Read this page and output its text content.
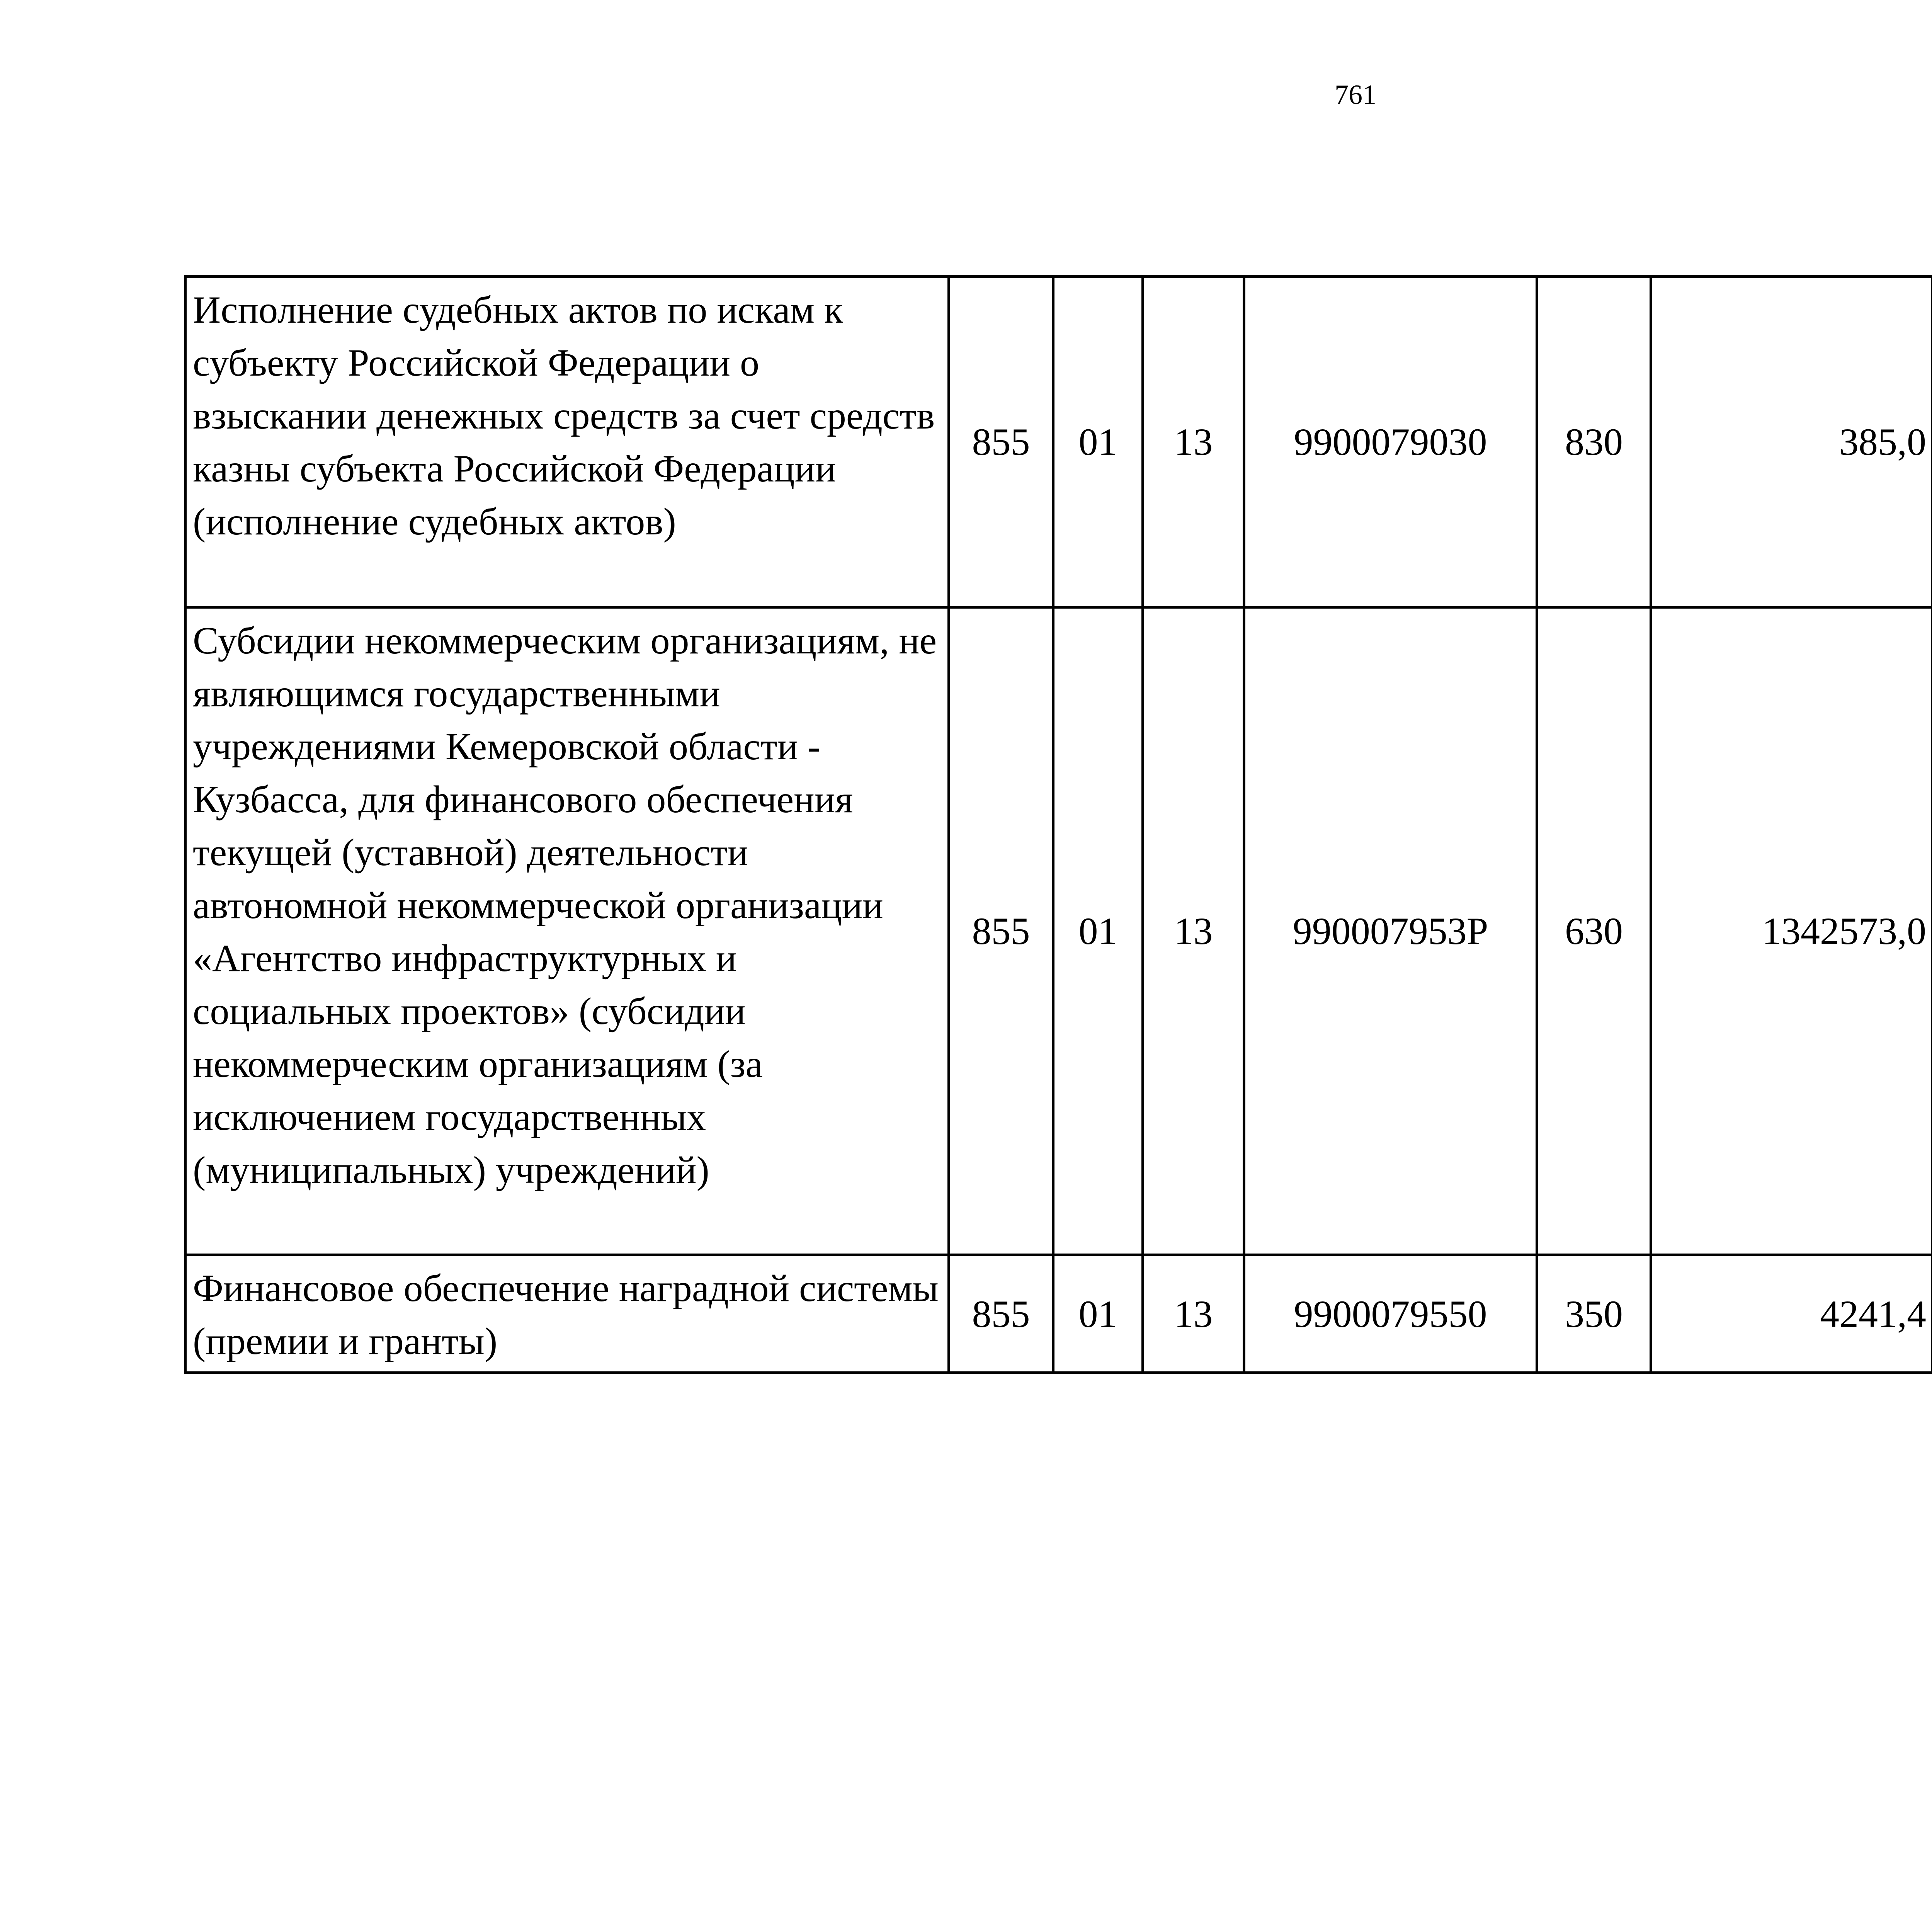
761
Исполнение судебных актов по искам к субъекту Российской Федерации о взыскании денежных средств за счет средств казны субъекта Российской Федерации (исполнение судебных актов)	855	01	13	9900079030	830	385,0		
Субсидии некоммерческим организациям, не являющимся государственными учреждениями Кемеровской области - Кузбасса, для финансового обеспечения текущей (уставной) деятельности автономной некоммерческой организации «Агентство инфраструктурных и социальных проектов» (субсидии некоммерческим организациям (за исключением государственных (муниципальных) учреждений)	855	01	13	990007953Р	630	1342573,0		
Финансовое обеспечение наградной системы (премии и гранты)	855	01	13	9900079550	350	4241,4		
